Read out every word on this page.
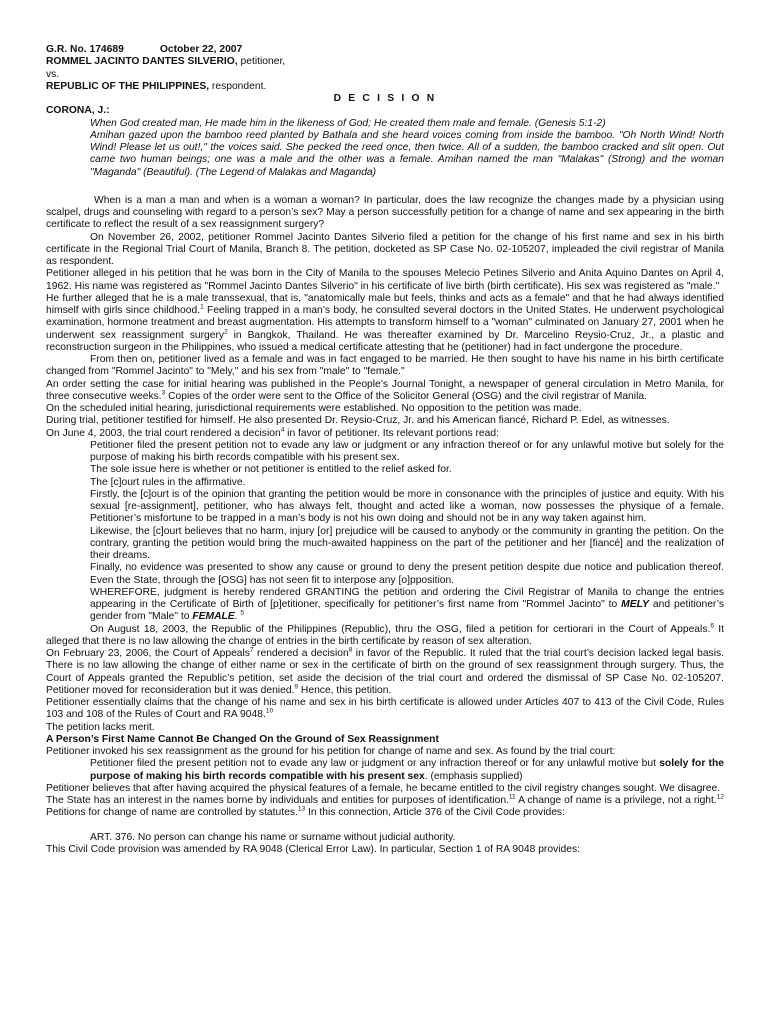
G.R. No. 174689	October 22, 2007

ROMMEL JACINTO DANTES SILVERIO, petitioner,

vs.

REPUBLIC OF THE PHILIPPINES, respondent.

D E C I S I O N

CORONA, J.:

When God created man, He made him in the likeness of God; He created them male and female. (Genesis 5:1-2)

Amihan gazed upon the bamboo reed planted by Bathala and she heard voices coming from inside the bamboo. "Oh North Wind! North Wind! Please let us out!," the voices said. She pecked the reed once, then twice. All of a sudden, the bamboo cracked and slit open. Out came two human beings; one was a male and the other was a female. Amihan named the man "Malakas" (Strong) and the woman "Maganda" (Beautiful). (The Legend of Malakas and Maganda)

When is a man a man and when is a woman a woman? In particular, does the law recognize the changes made by a physician using scalpel, drugs and counseling with regard to a person’s sex? May a person successfully petition for a change of name and sex appearing in the birth certificate to reflect the result of a sex reassignment surgery?

On November 26, 2002, petitioner Rommel Jacinto Dantes Silverio filed a petition for the change of his first name and sex in his birth certificate in the Regional Trial Court of Manila, Branch 8. The petition, docketed as SP Case No. 02-105207, impleaded the civil registrar of Manila as respondent.

Petitioner alleged in his petition that he was born in the City of Manila to the spouses Melecio Petines Silverio and Anita Aquino Dantes on April 4, 1962. His name was registered as "Rommel Jacinto Dantes Silverio" in his certificate of live birth (birth certificate). His sex was registered as "male."

He further alleged that he is a male transsexual, that is, "anatomically male but feels, thinks and acts as a female" and that he had always identified himself with girls since childhood.$^1$ Feeling trapped in a man’s body, he consulted several doctors in the United States. He underwent psychological examination, hormone treatment and breast augmentation. His attempts to transform himself to a "woman" culminated on January 27, 2001 when he underwent sex reassignment surgery$^2$ in Bangkok, Thailand. He was thereafter examined by Dr. Marcelino Reysio-Cruz, Jr., a plastic and reconstruction surgeon in the Philippines, who issued a medical certificate attesting that he (petitioner) had in fact undergone the procedure.

From then on, petitioner lived as a female and was in fact engaged to be married. He then sought to have his name in his birth certificate changed from "Rommel Jacinto" to "Mely," and his sex from "male" to "female."

An order setting the case for initial hearing was published in the People’s Journal Tonight, a newspaper of general circulation in Metro Manila, for three consecutive weeks.$^3$ Copies of the order were sent to the Office of the Solicitor General (OSG) and the civil registrar of Manila.

On the scheduled initial hearing, jurisdictional requirements were established. No opposition to the petition was made.

During trial, petitioner testified for himself. He also presented Dr. Reysio-Cruz, Jr. and his American fiancé, Richard P. Edel, as witnesses.

On June 4, 2003, the trial court rendered a decision$^4$ in favor of petitioner. Its relevant portions read:

Petitioner filed the present petition not to evade any law or judgment or any infraction thereof or for any unlawful motive but solely for the purpose of making his birth records compatible with his present sex.

The sole issue here is whether or not petitioner is entitled to the relief asked for.

The [c]ourt rules in the affirmative.

Firstly, the [c]ourt is of the opinion that granting the petition would be more in consonance with the principles of justice and equity. With his sexual [re-assignment], petitioner, who has always felt, thought and acted like a woman, now possesses the physique of a female. Petitioner’s misfortune to be trapped in a man’s body is not his own doing and should not be in any way taken against him.

Likewise, the [c]ourt believes that no harm, injury [or] prejudice will be caused to anybody or the community in granting the petition. On the contrary, granting the petition would bring the much-awaited happiness on the part of the petitioner and her [fiancé] and the realization of their dreams.

Finally, no evidence was presented to show any cause or ground to deny the present petition despite due notice and publication thereof. Even the State, through the [OSG] has not seen fit to interpose any [o]pposition.

WHEREFORE, judgment is hereby rendered GRANTING the petition and ordering the Civil Registrar of Manila to change the entries appearing in the Certificate of Birth of [p]etitioner, specifically for petitioner’s first name from "Rommel Jacinto" to MELY and petitioner’s gender from "Male" to FEMALE. $^5$

On August 18, 2003, the Republic of the Philippines (Republic), thru the OSG, filed a petition for certiorari in the Court of Appeals.$^6$ It alleged that there is no law allowing the change of entries in the birth certificate by reason of sex alteration.

On February 23, 2006, the Court of Appeals$^7$ rendered a decision$^8$ in favor of the Republic. It ruled that the trial court’s decision lacked legal basis. There is no law allowing the change of either name or sex in the certificate of birth on the ground of sex reassignment through surgery. Thus, the Court of Appeals granted the Republic’s petition, set aside the decision of the trial court and ordered the dismissal of SP Case No. 02-105207. Petitioner moved for reconsideration but it was denied.$^9$ Hence, this petition.

Petitioner essentially claims that the change of his name and sex in his birth certificate is allowed under Articles 407 to 413 of the Civil Code, Rules 103 and 108 of the Rules of Court and RA 9048.10

The petition lacks merit.

A Person’s First Name Cannot Be Changed On the Ground of Sex Reassignment

Petitioner invoked his sex reassignment as the ground for his petition for change of name and sex. As found by the trial court:

Petitioner filed the present petition not to evade any law or judgment or any infraction thereof or for any unlawful motive but solely for the purpose of making his birth records compatible with his present sex. (emphasis supplied)

Petitioner believes that after having acquired the physical features of a female, he became entitled to the civil registry changes sought. We disagree.

The State has an interest in the names borne by individuals and entities for purposes of identification.$^{11}$ A change of name is a privilege, not a right.$^{12}$ Petitions for change of name are controlled by statutes.$^{13}$ In this connection, Article 376 of the Civil Code provides:

ART. 376. No person can change his name or surname without judicial authority.

This Civil Code provision was amended by RA 9048 (Clerical Error Law). In particular, Section 1 of RA 9048 provides:
